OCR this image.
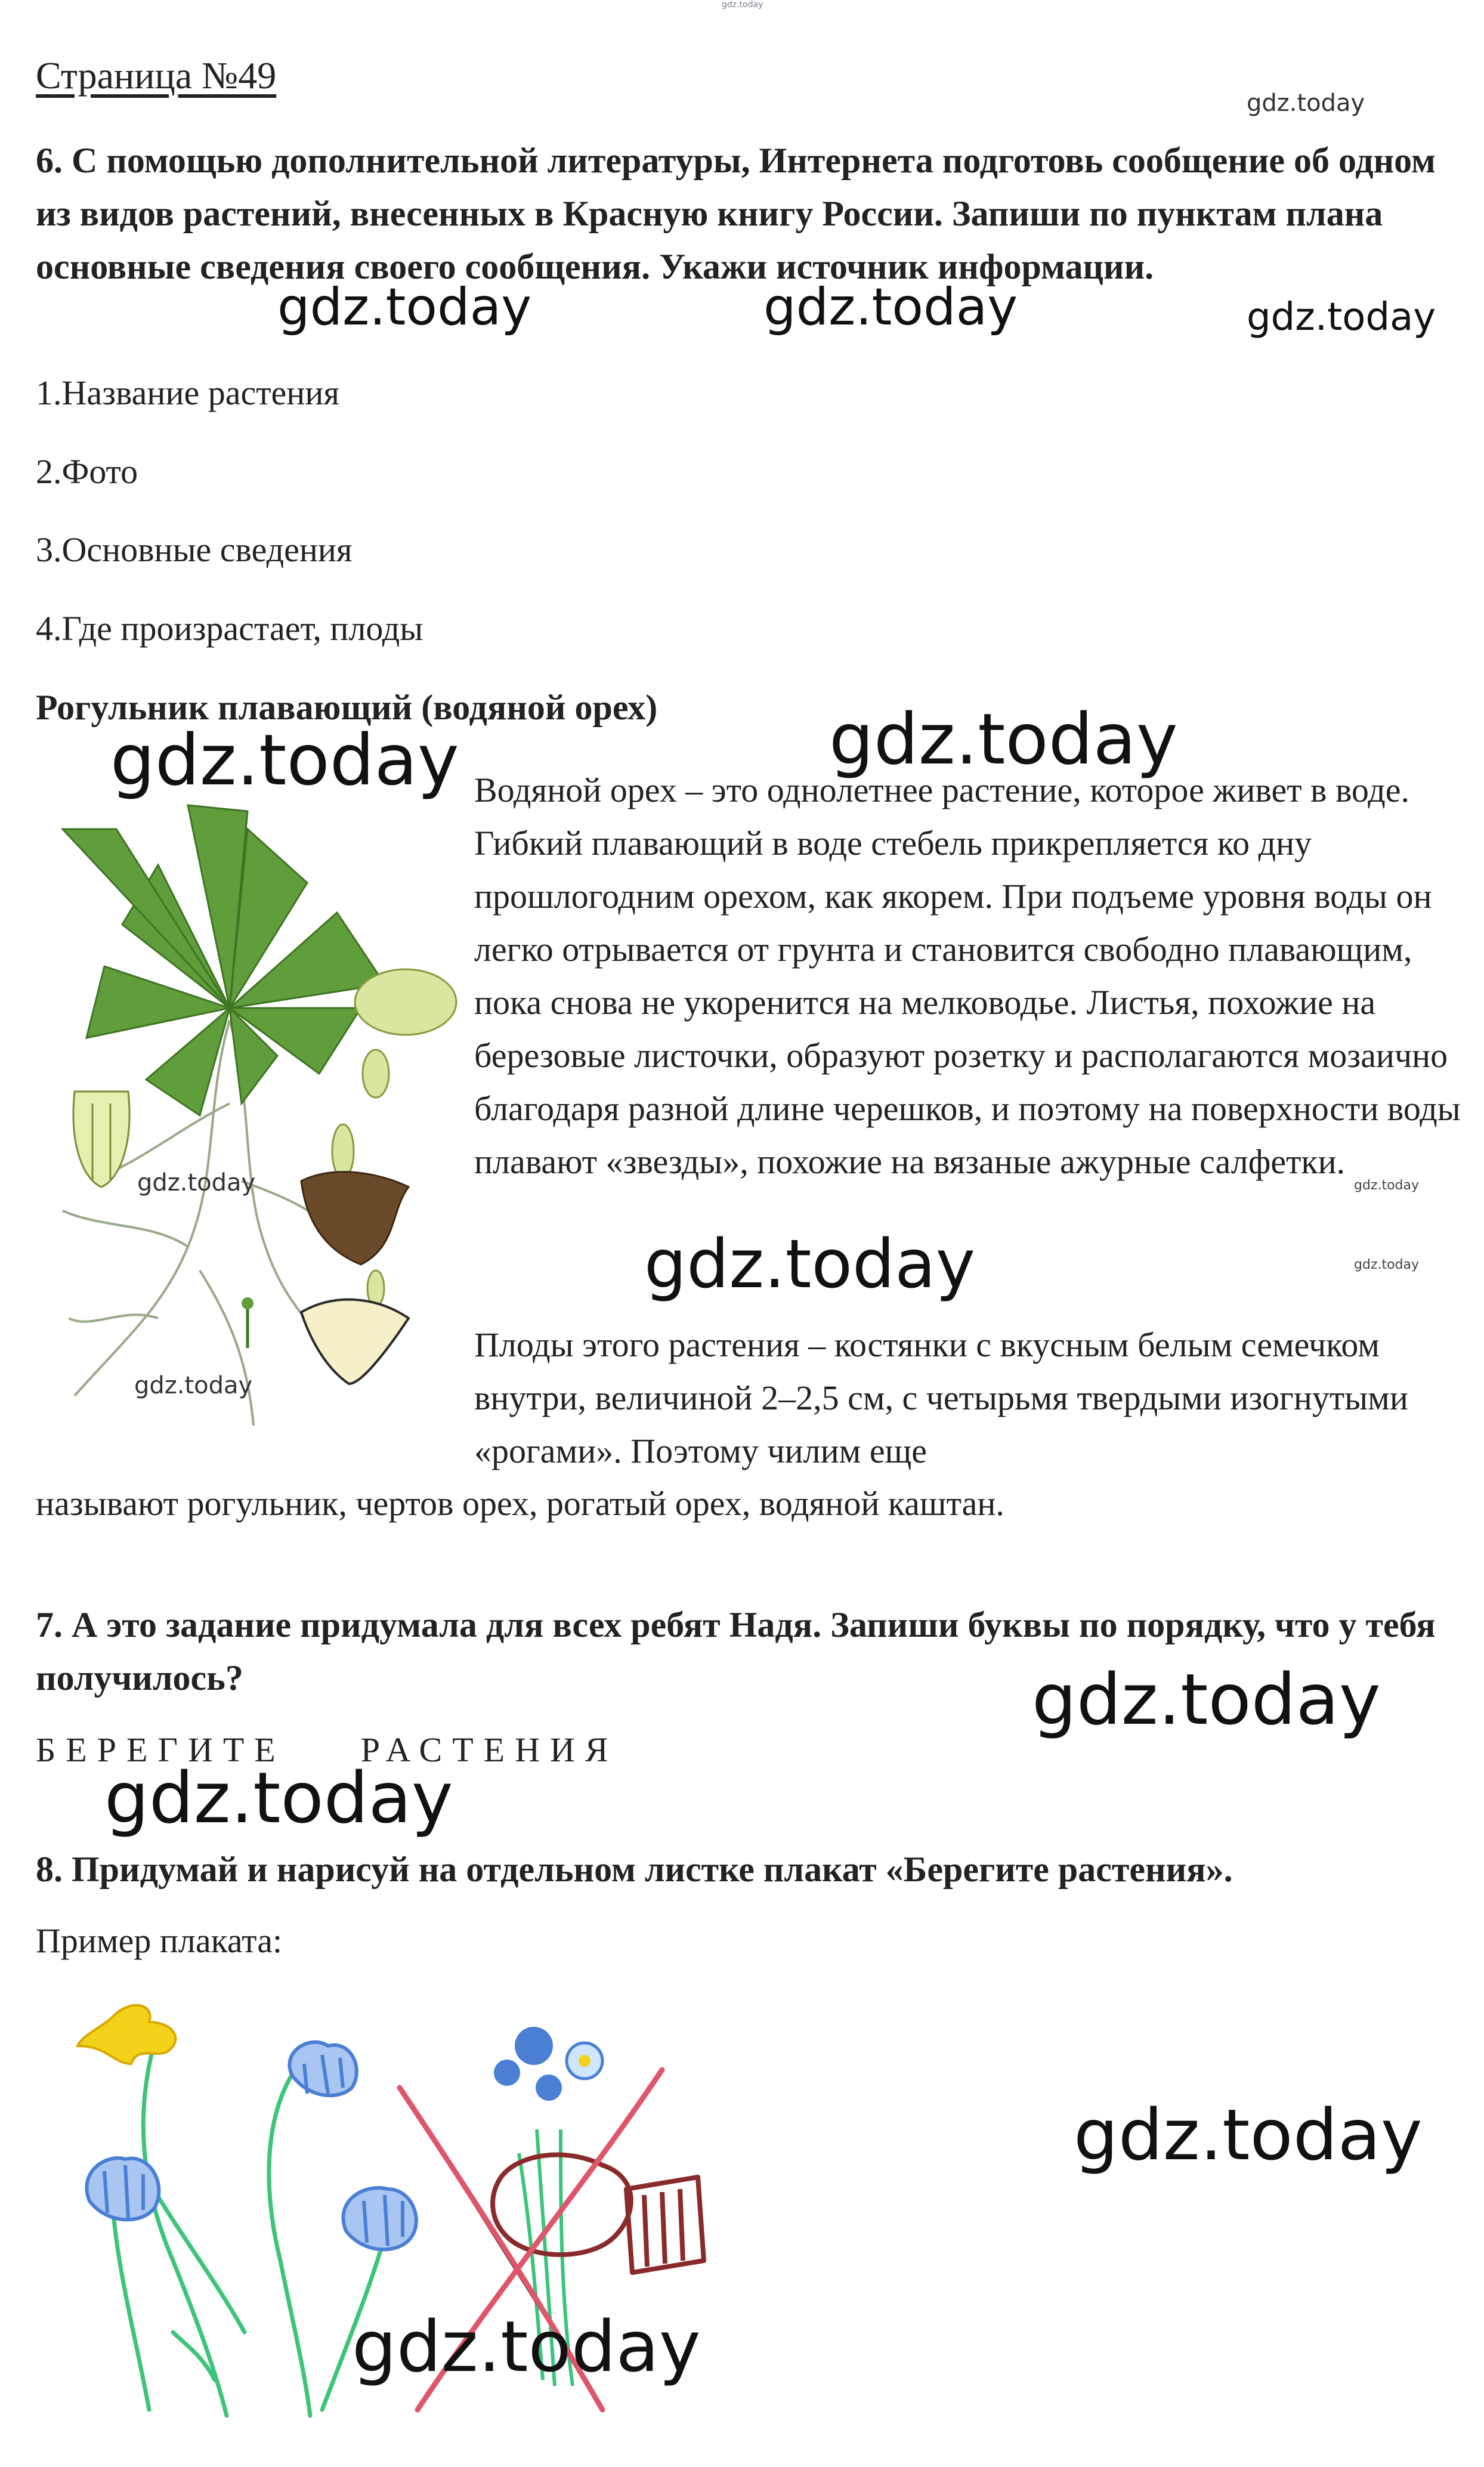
gdz.today
Страница №49
gdz.today

6. С помощью дополнительной литературы, Интернета подготовь сообщение об одном из видов растений, внесенных в Красную книгу России. Запиши по пунктам плана основные сведения своего сообщения. Укажи источник информации.

gdz.today	gdz.today	gdz.today
1.Название растения
2.Фото
3.Основные сведения
4.Где произрастает, плоды
Рогульник плавающий (водяной орех)
gdz.today	gdz.today

Водяной орех – это однолетнее растение, которое живет в воде. Гибкий плавающий в воде стебель прикрепляется ко дну прошлогодним орехом, как якорем. При подъеме уровня воды он легко отрывается от грунта и становится свободно плавающим, пока снова не укоренится на мелководье. Листья, похожие на березовые листочки, образуют розетку и располагаются мозаично благодаря разной длине черешков, и поэтому на поверхности воды плавают «звезды», похожие на вязаные ажурные салфетки.

gdz.today
gdz.today
gdz.today
gdz.today
gdz.today

Плоды этого растения – костянки с вкусным белым семечком внутри, величиной 2–2,5 см, с четырьмя твердыми изогнутыми «рогами». Поэтому чилим еще

называют рогульник, чертов орех, рогатый орех, водяной каштан.

7. А это задание придумала для всех ребят Надя. Запиши буквы по порядку, что у тебя получилось?	gdz.today
БЕРЕГИТЕ РАСТЕНИЯ
gdz.today
8. Придумай и нарисуй на отдельном листке плакат «Берегите растения».
Пример плаката:
gdz.today
gdz.today
